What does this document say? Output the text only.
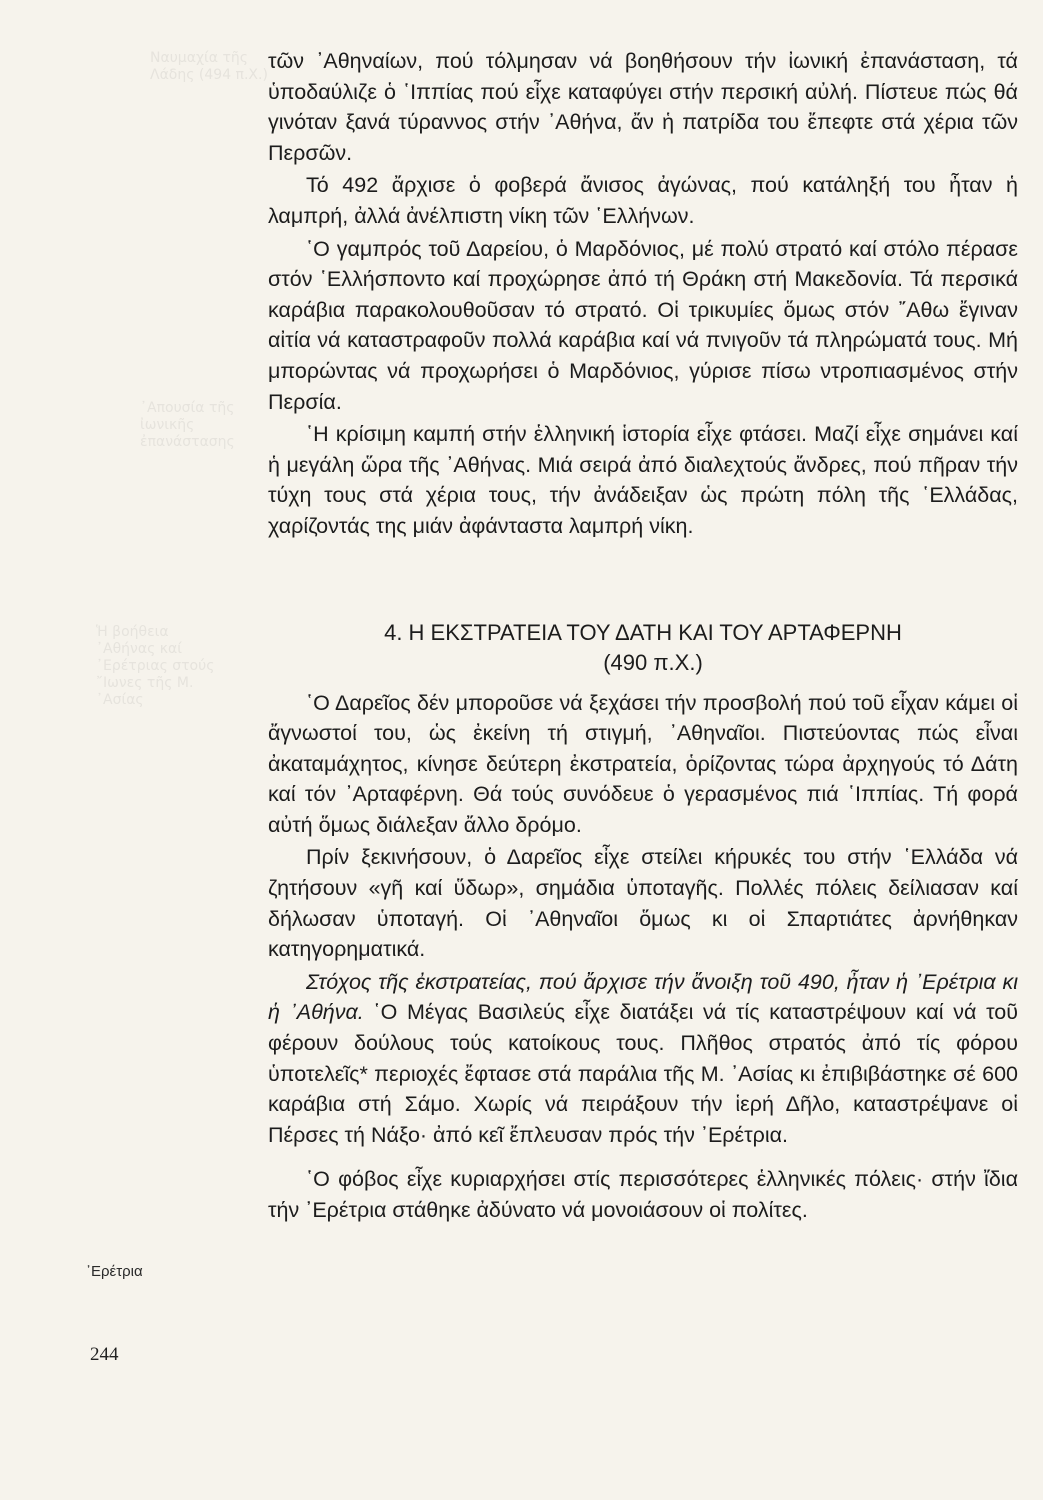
Ναυμαχία τῆς
Λάδης (494 π.Χ.)
᾿Απουσία τῆς
ἰωνικῆς
ἐπανάστασης
Ἡ βοήθεια
᾿Αθήνας καί
᾿Ερέτριας στούς
῎Ιωνες τῆς Μ.
᾿Ασίας

τῶν ᾿Αθηναίων, πού τόλμησαν νά βοηθήσουν τήν ἰωνική ἐπανάσταση, τά ὑποδαύλιζε ὁ ῾Ιππίας πού εἶχε καταφύγει στήν περσική αὐλή. Πίστευε πώς θά γινόταν ξανά τύραννος στήν ᾿Αθήνα, ἄν ἡ πατρίδα του ἔπεφτε στά χέρια τῶν Περσῶν.

Τό 492 ἄρχισε ὁ φοβερά ἄνισος ἀγώνας, πού κατάληξή του ἦταν ἡ λαμπρή, ἀλλά ἀνέλπιστη νίκη τῶν ῾Ελλήνων.

῾Ο γαμπρός τοῦ Δαρείου, ὁ Μαρδόνιος, μέ πολύ στρατό καί στόλο πέρασε στόν ῾Ελλήσποντο καί προχώρησε ἀπό τή Θράκη στή Μακεδονία. Τά περσικά καράβια παρακολουθοῦσαν τό στρατό. Οἱ τρικυμίες ὅμως στόν ῎Αθω ἔγιναν αἰτία νά καταστραφοῦν πολλά καράβια καί νά πνιγοῦν τά πληρώματά τους. Μή μπορώντας νά προχωρήσει ὁ Μαρδόνιος, γύρισε πίσω ντροπιασμένος στήν Περσία.

῾Η κρίσιμη καμπή στήν ἑλληνική ἱστορία εἶχε φτάσει. Μαζί εἶχε σημάνει καί ἡ μεγάλη ὥρα τῆς ᾿Αθήνας. Μιά σειρά ἀπό διαλεχτούς ἄνδρες, πού πῆραν τήν τύχη τους στά χέρια τους, τήν ἀνάδειξαν ὡς πρώτη πόλη τῆς ῾Ελλάδας, χαρίζοντάς της μιάν ἀφάνταστα λαμπρή νίκη.

4. Η ΕΚΣΤΡΑΤΕΙΑ ΤΟΥ ΔΑΤΗ ΚΑΙ ΤΟΥ ΑΡΤΑΦΕΡΝΗ
(490 π.Χ.)

῾Ο Δαρεῖος δέν μποροῦσε νά ξεχάσει τήν προσβολή πού τοῦ εἶχαν κάμει οἱ ἄγνωστοί του, ὡς ἐκείνη τή στιγμή, ᾿Αθηναῖοι. Πιστεύοντας πώς εἶναι ἀκαταμάχητος, κίνησε δεύτερη ἐκστρατεία, ὁρίζοντας τώρα ἀρχηγούς τό Δάτη καί τόν ᾿Αρταφέρνη. Θά τούς συνόδευε ὁ γερασμένος πιά ῾Ιππίας. Τή φορά αὐτή ὅμως διάλεξαν ἄλλο δρόμο.

Πρίν ξεκινήσουν, ὁ Δαρεῖος εἶχε στείλει κήρυκές του στήν ῾Ελλάδα νά ζητήσουν «γῆ καί ὕδωρ», σημάδια ὑποταγῆς. Πολλές πόλεις δείλιασαν καί δήλωσαν ὑποταγή. Οἱ ᾿Αθηναῖοι ὅμως κι οἱ Σπαρτιάτες ἀρνήθηκαν κατηγορηματικά.

Στόχος τῆς ἐκστρατείας, πού ἄρχισε τήν ἄνοιξη τοῦ 490, ἦταν ἡ ᾿Ερέτρια κι ἡ ᾿Αθήνα. ῾Ο Μέγας Βασιλεύς εἶχε διατάξει νά τίς καταστρέψουν καί νά τοῦ φέρουν δούλους τούς κατοίκους τους. Πλῆθος στρατός ἀπό τίς φόρου ὑποτελεῖς* περιοχές ἔφτασε στά παράλια τῆς Μ. ᾿Ασίας κι ἐπιβιβάστηκε σέ 600 καράβια στή Σάμο. Χωρίς νά πειράξουν τήν ἱερή Δῆλο, καταστρέψανε οἱ Πέρσες τή Νάξο· ἀπό κεῖ ἔπλευσαν πρός τήν ᾿Ερέτρια.

῾Ο φόβος εἶχε κυριαρχήσει στίς περισσότερες ἑλληνικές πόλεις· στήν ἴδια τήν ᾿Ερέτρια στάθηκε ἀδύνατο νά μονοιάσουν οἱ πολίτες.

᾿Ερέτρια
244
